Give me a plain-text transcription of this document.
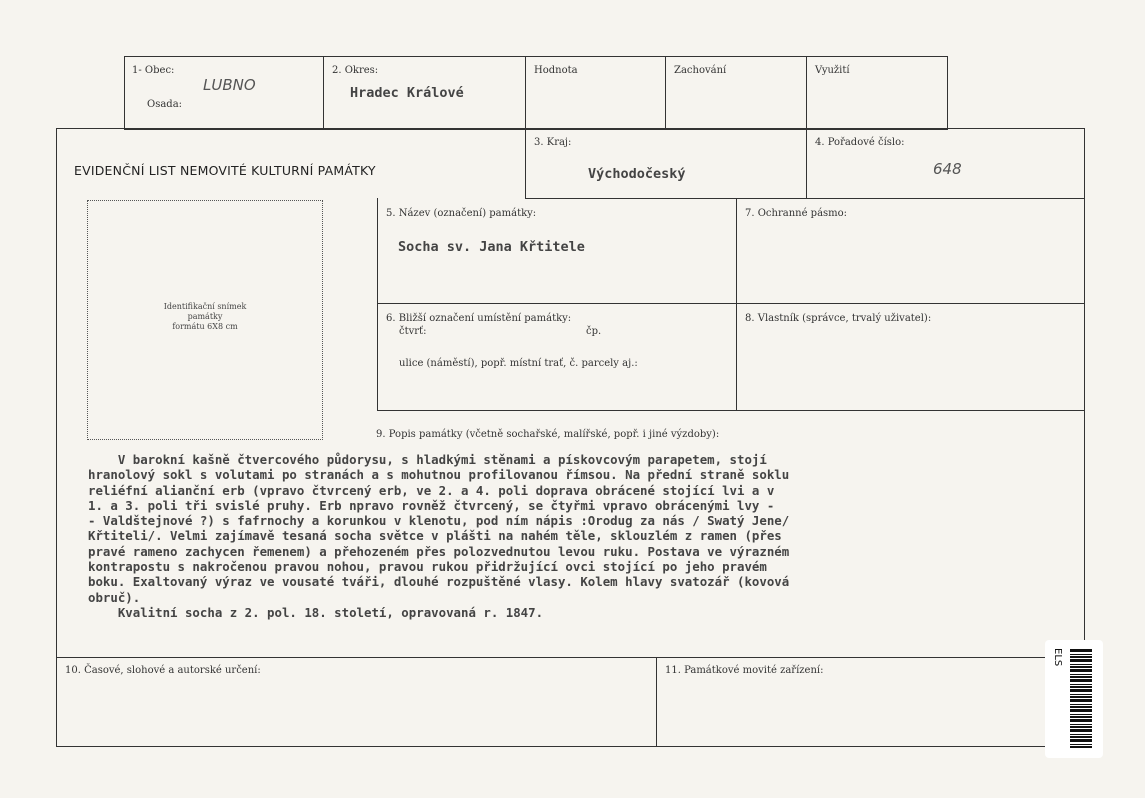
1- Obec:
LUBNO
Osada:
2. Okres:
Hradec Králové
Hodnota	Zachování	Využití
EVIDENČNÍ LIST NEMOVITÉ KULTURNÍ PAMÁTKY
3. Kraj:
Východočeský
4. Pořadové číslo:
648
Identifikační snímek
památky
formátu 6X8 cm
5. Název (označení) památky:
Socha sv. Jana Křtitele
7. Ochranné pásmo:
6. Bližší označení umístění památky:
čtvrť:	čp.
ulice (náměstí), popř. místní trať, č. parcely aj.:
8. Vlastník (správce, trvalý uživatel):
9. Popis památky (včetně sochařské, malířské, popř. i jiné výzdoby):

V barokní kašně čtvercového půdorysu, s hladkými stěnami a pískovcovým parapetem, stojí

hranolový sokl s volutami po stranách a s mohutnou profilovanou římsou. Na přední straně soklu

reliéfní alianční erb (vpravo čtvrcený erb, ve 2. a 4. poli doprava obrácené stojící lvi a v

1. a 3. poli tři svislé pruhy. Erb npravo rovněž čtvrcený, se čtyřmi vpravo obrácenými lvy -

- Valdštejnové ?) s fafrnochy a korunkou v klenotu, pod ním nápis :Orodug za nás / Swatý Jene/

Křtiteli/. Velmi zajímavě tesaná socha světce v plášti na nahém těle, sklouzlém z ramen (přes

pravé rameno zachycen řemenem) a přehozeném přes polozvednutou levou ruku. Postava ve výrazném

kontrapostu s nakročenou pravou nohou, pravou rukou přidržující ovci stojící po jeho pravém

boku. Exaltovaný výraz ve vousaté tváři, dlouhé rozpuštěné vlasy. Kolem hlavy svatozář (kovová

obruč).

Kvalitní socha z 2. pol. 18. století, opravovaná r. 1847.

10. Časové, slohové a autorské určení:	11. Památkové movité zařízení:
ELS
